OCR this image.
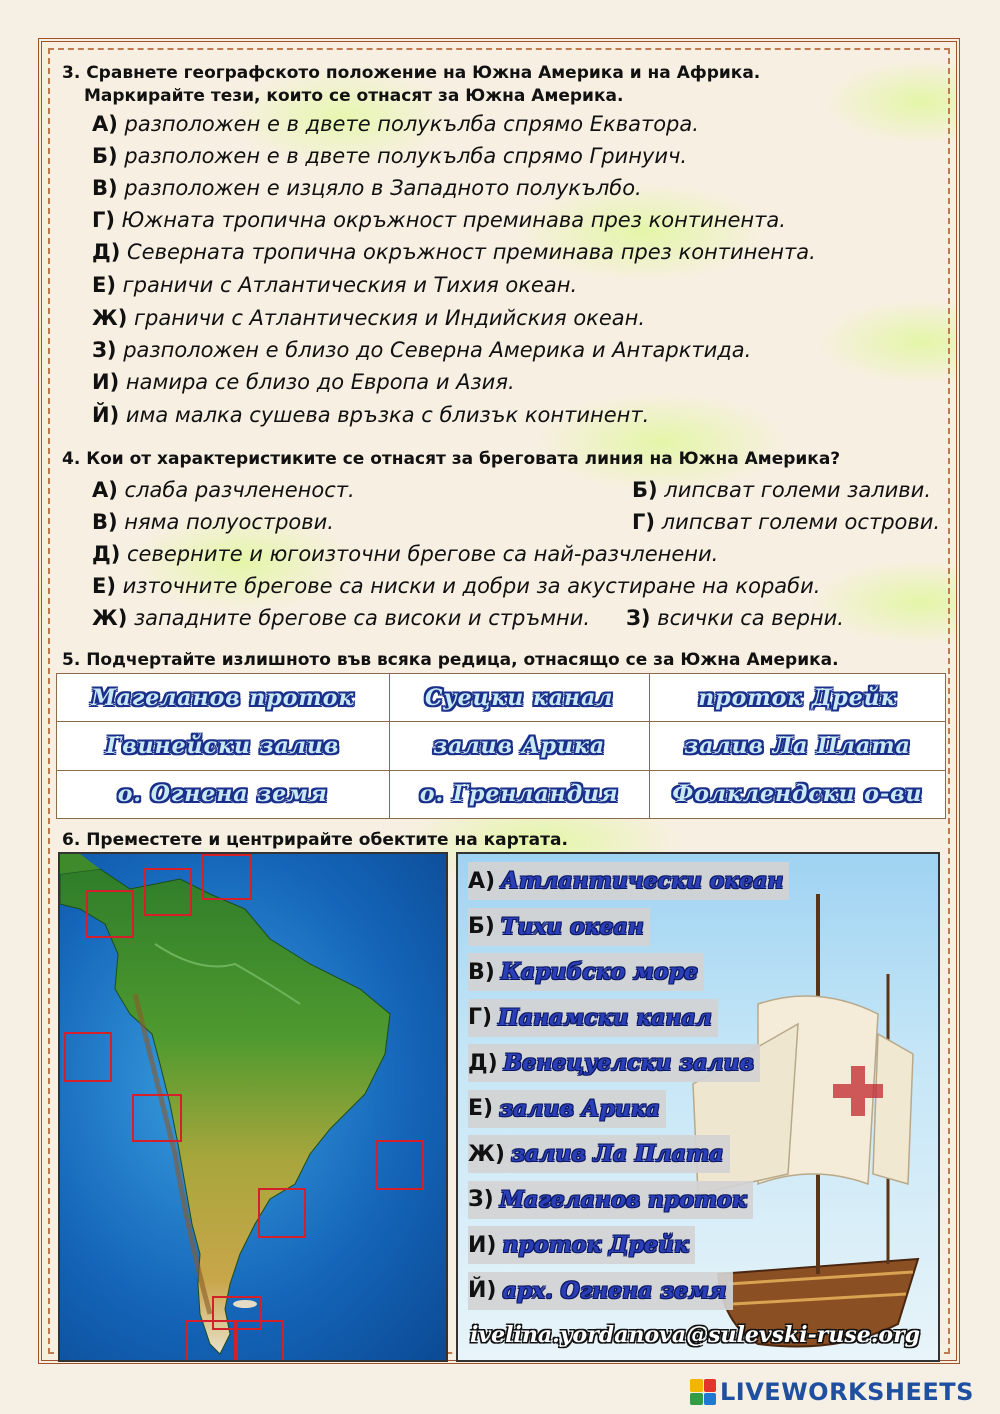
3. Сравнете географското положение на Южна Америка и на Африка.
Маркирайте тези, които се отнасят за Южна Америка.
А) разположен е в двете полукълба спрямо Екватора.
Б) разположен е в двете полукълба спрямо Гринуич.
В) разположен е изцяло в Западното полукълбо.
Г) Южната тропична окръжност преминава през континента.
Д) Северната тропична окръжност преминава през континента.
Е) граничи с Атлантическия и Тихия океан.
Ж) граничи с Атлантическия и Индийския океан.
З) разположен е близо до Северна Америка и Антарктида.
И) намира се близо до Европа и Азия.
Й) има малка сушева връзка с близък континент.
4. Кои от характеристиките се отнасят за бреговата линия на Южна Америка?
А) слаба разчлененост.	Б) липсват големи заливи.
В) няма полуострови.	Г) липсват големи острови.
Д) северните и югоизточни брегове са най-разчленени.
Е) източните брегове са ниски и добри за акустиране на кораби.
Ж) западните брегове са високи и стръмни. З) всички са верни.
5. Подчертайте излишното във всяка редица, отнасящо се за Южна Америка.
Магеланов проток	Суецки канал	проток Дрейк
Гвинейски залив	залив Арика	залив Ла Плата
о. Огнена земя	о. Гренландия	Фолклендски о-ви
6. Преместете и центрирайте обектите на картата.
А) Атлантически океан
Б) Тихи океан
В) Карибско море
Г) Панамски канал
Д) Венецуелски залив
Е) залив Арика
Ж) залив Ла Плата
З) Магеланов проток
И) проток Дрейк
Й) арх. Огнена земя
ivelina.yordanova@sulevski-ruse.org
LIVEWORKSHEETS
